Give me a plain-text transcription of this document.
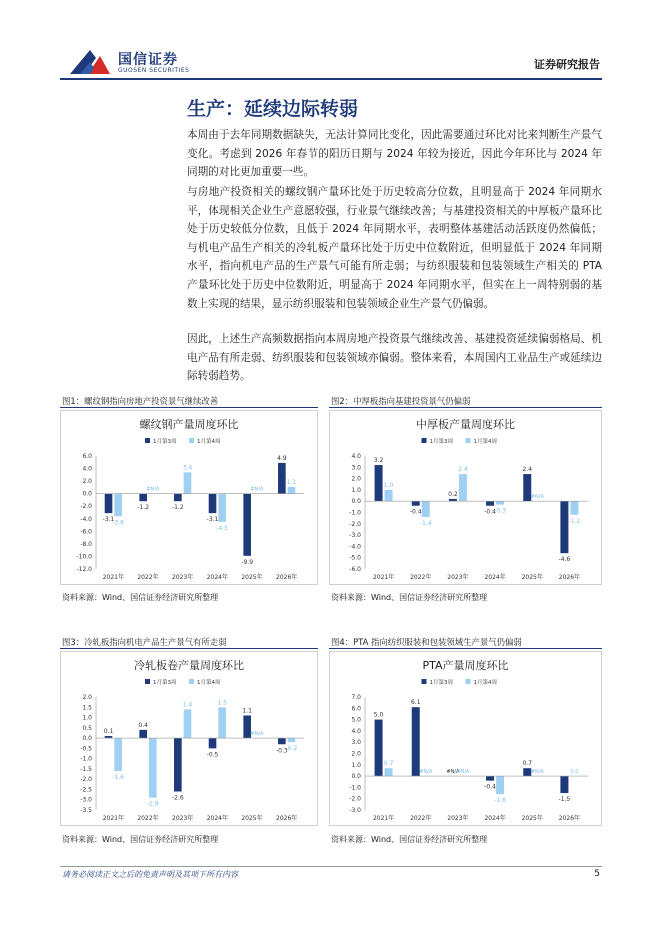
国信证券
GUOSEN SECURITIES	证券研究报告
生产：延续边际转弱

本周由于去年同期数据缺失，无法计算同比变化，因此需要通过环比对比来判断生产景气变化。考虑到 2026 年春节的阳历日期与 2024 年较为接近，因此今年环比与 2024 年同期的对比更加重要一些。

与房地产投资相关的螺纹钢产量环比处于历史较高分位数，且明显高于 2024 年同期水平，体现相关企业生产意愿较强，行业景气继续改善；与基建投资相关的中厚板产量环比处于历史较低分位数，且低于 2024 年同期水平，表明整体基建活动活跃度仍然偏低；与机电产品生产相关的冷轧板产量环比处于历史中位数附近，但明显低于 2024 年同期水平，指向机电产品的生产景气可能有所走弱；与纺织服装和包装领域生产相关的 PTA 产量环比处于历史中位数附近，明显高于 2024 年同期水平，但实在上一周特别弱的基数上实现的结果，显示纺织服装和包装领域企业生产景气仍偏弱。

因此，上述生产高频数据指向本周房地产投资景气继续改善、基建投资延续偏弱格局、机电产品有所走弱、纺织服装和包装领域亦偏弱。整体来看，本周国内工业品生产或延续边际转弱趋势。

图1：螺纹钢指向房地产投资景气继续改善
螺纹钢产量周度环比
1月第3周	1月第4周
6.0
4.0
2.0
0.0
-2.0
-4.0
-6.0
-8.0
-10.0
-12.0
2021年
-3.1
-3.6
2022年
-1.2
#N/A
2023年
-1.2
3.4
2024年
-3.1
-4.5
2025年
-9.9
#N/A
2026年
4.9
1.1
资料来源：Wind、国信证券经济研究所整理
图2：中厚板指向基建投资景气仍偏弱
中厚板产量周度环比
1月第3周	1月第4周
4.0
3.0
2.0
1.0
0.0
-1.0
-2.0
-3.0
-4.0
-5.0
-6.0
2021年
3.2
1.0
2022年
-0.4
-1.4
2023年
0.2
2.4
2024年
-0.4
-0.3
2025年
2.4
#N/A
2026年
-4.6
-1.2
资料来源：Wind、国信证券经济研究所整理
图3：冷轧板指向机电产品生产景气有所走弱
冷轧板卷产量周度环比
1月第3周	1月第4周
2.0
1.5
1.0
0.5
0.0
-0.5
-1.0
-1.5
-2.0
-2.5
-3.0
-3.5
2021年
0.1
-1.6
2022年
0.4
-2.9
2023年
-2.6
1.4
2024年
-0.5
1.5
2025年
1.1
#N/A
2026年
-0.3
-0.2
资料来源：Wind、国信证券经济研究所整理
图4：PTA 指向纺织服装和包装领域生产景气仍偏弱
PTA产量周度环比
1月第3周	1月第4周
7.0
6.0
5.0
4.0
3.0
2.0
1.0
0.0
-1.0
-2.0
-3.0
2021年
5.0
0.7
2022年
6.1
#N/A
2023年
#N/A
#N/A
2024年
-0.4
-1.6
2025年
0.7
#N/A
2026年
-1.5
0.0
资料来源：Wind、国信证券经济研究所整理
请务必阅读正文之后的免责声明及其项下所有内容	5
